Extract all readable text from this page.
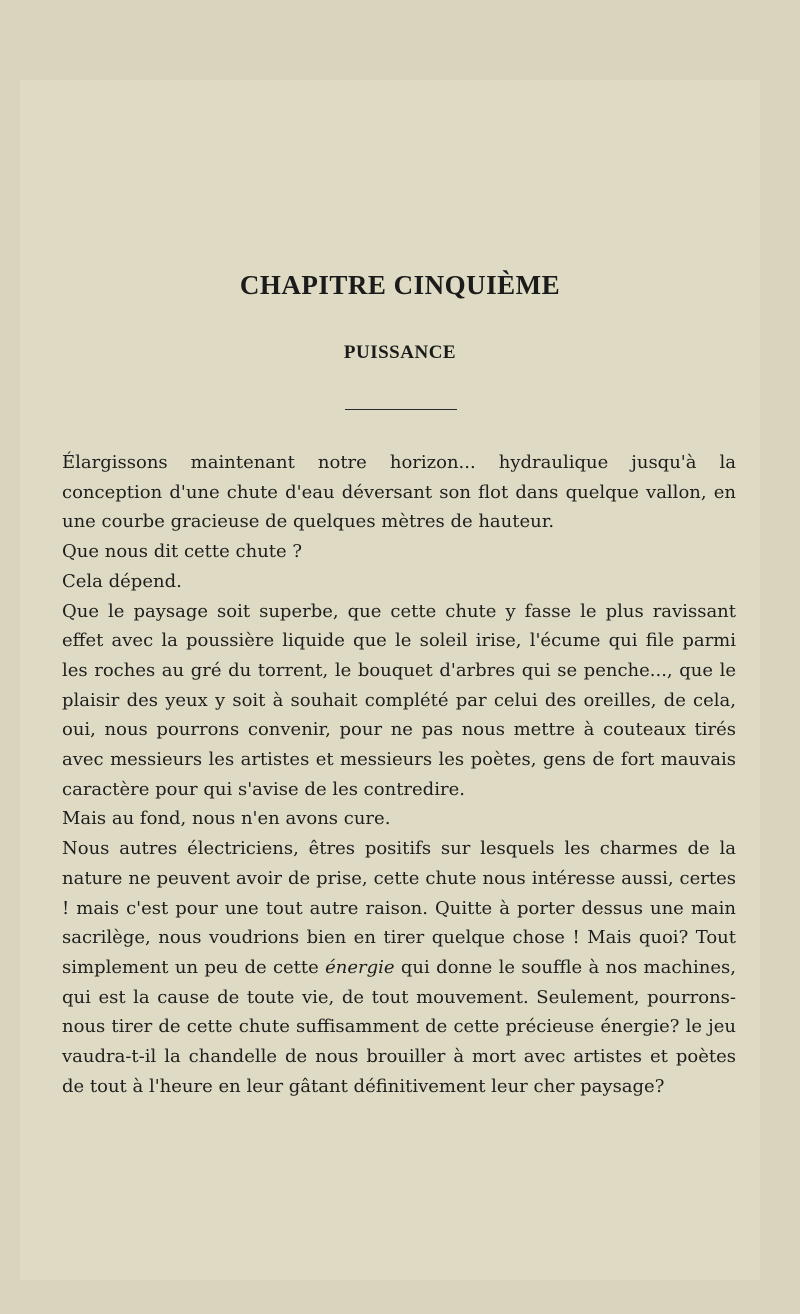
CHAPITRE CINQUIÈME
PUISSANCE

Élargissons maintenant notre horizon... hydraulique jusqu'à la conception d'une chute d'eau déversant son flot dans quelque vallon, en une courbe gracieuse de quelques mètres de hauteur.

Que nous dit cette chute ?

Cela dépend.

Que le paysage soit superbe, que cette chute y fasse le plus ravissant effet avec la poussière liquide que le soleil irise, l'écume qui file parmi les roches au gré du torrent, le bouquet d'arbres qui se penche..., que le plaisir des yeux y soit à souhait complété par celui des oreilles, de cela, oui, nous pourrons convenir, pour ne pas nous mettre à couteaux tirés avec messieurs les artistes et messieurs les poètes, gens de fort mauvais caractère pour qui s'avise de les contredire.

Mais au fond, nous n'en avons cure.

Nous autres électriciens, êtres positifs sur lesquels les charmes de la nature ne peuvent avoir de prise, cette chute nous intéresse aussi, certes ! mais c'est pour une tout autre raison. Quitte à porter dessus une main sacrilège, nous voudrions bien en tirer quelque chose ! Mais quoi? Tout simplement un peu de cette énergie qui donne le souffle à nos machines, qui est la cause de toute vie, de tout mouvement. Seulement, pourrons-nous tirer de cette chute suffisamment de cette précieuse énergie? le jeu vaudra-t-il la chandelle de nous brouiller à mort avec artistes et poètes de tout à l'heure en leur gâtant définitivement leur cher paysage?
